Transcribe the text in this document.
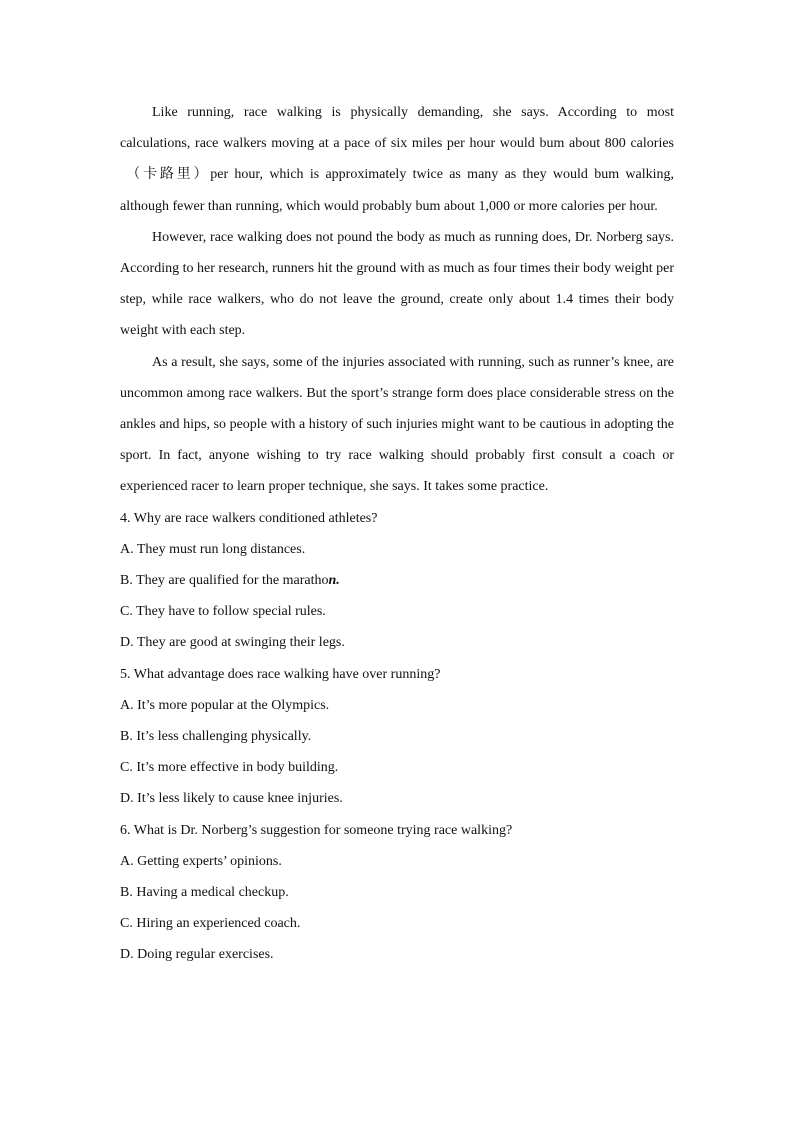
Like running, race walking is physically demanding, she says. According to most calculations, race walkers moving at a pace of six miles per hour would bum about 800 calories  （卡路里）per hour, which is approximately twice as many as they would bum walking, although fewer than running, which would probably bum about 1,000 or more calories per hour.

However, race walking does not pound the body as much as running does, Dr. Norberg says. According to her research, runners hit the ground with as much as four times their body weight per step, while race walkers, who do not leave the ground, create only about 1.4 times their body weight with each step.

As a result, she says, some of the injuries associated with running, such as runner’s knee, are uncommon among race walkers. But the sport’s strange form does place considerable stress on the ankles and hips, so people with a history of such injuries might want to be cautious in adopting the sport. In fact, anyone wishing to try race walking should probably first consult a coach or experienced racer to learn proper technique, she says. It takes some practice.

4. Why are race walkers conditioned athletes?

A. They must run long distances.

B. They are qualified for the marathon.

C. They have to follow special rules.

D. They are good at swinging their legs.

5. What advantage does race walking have over running?

A. It’s more popular at the Olympics.

B. It’s less challenging physically.

C. It’s more effective in body building.

D. It’s less likely to cause knee injuries.

6. What is Dr. Norberg’s suggestion for someone trying race walking?

A. Getting experts’ opinions.

B. Having a medical checkup.

C. Hiring an experienced coach.

D. Doing regular exercises.
